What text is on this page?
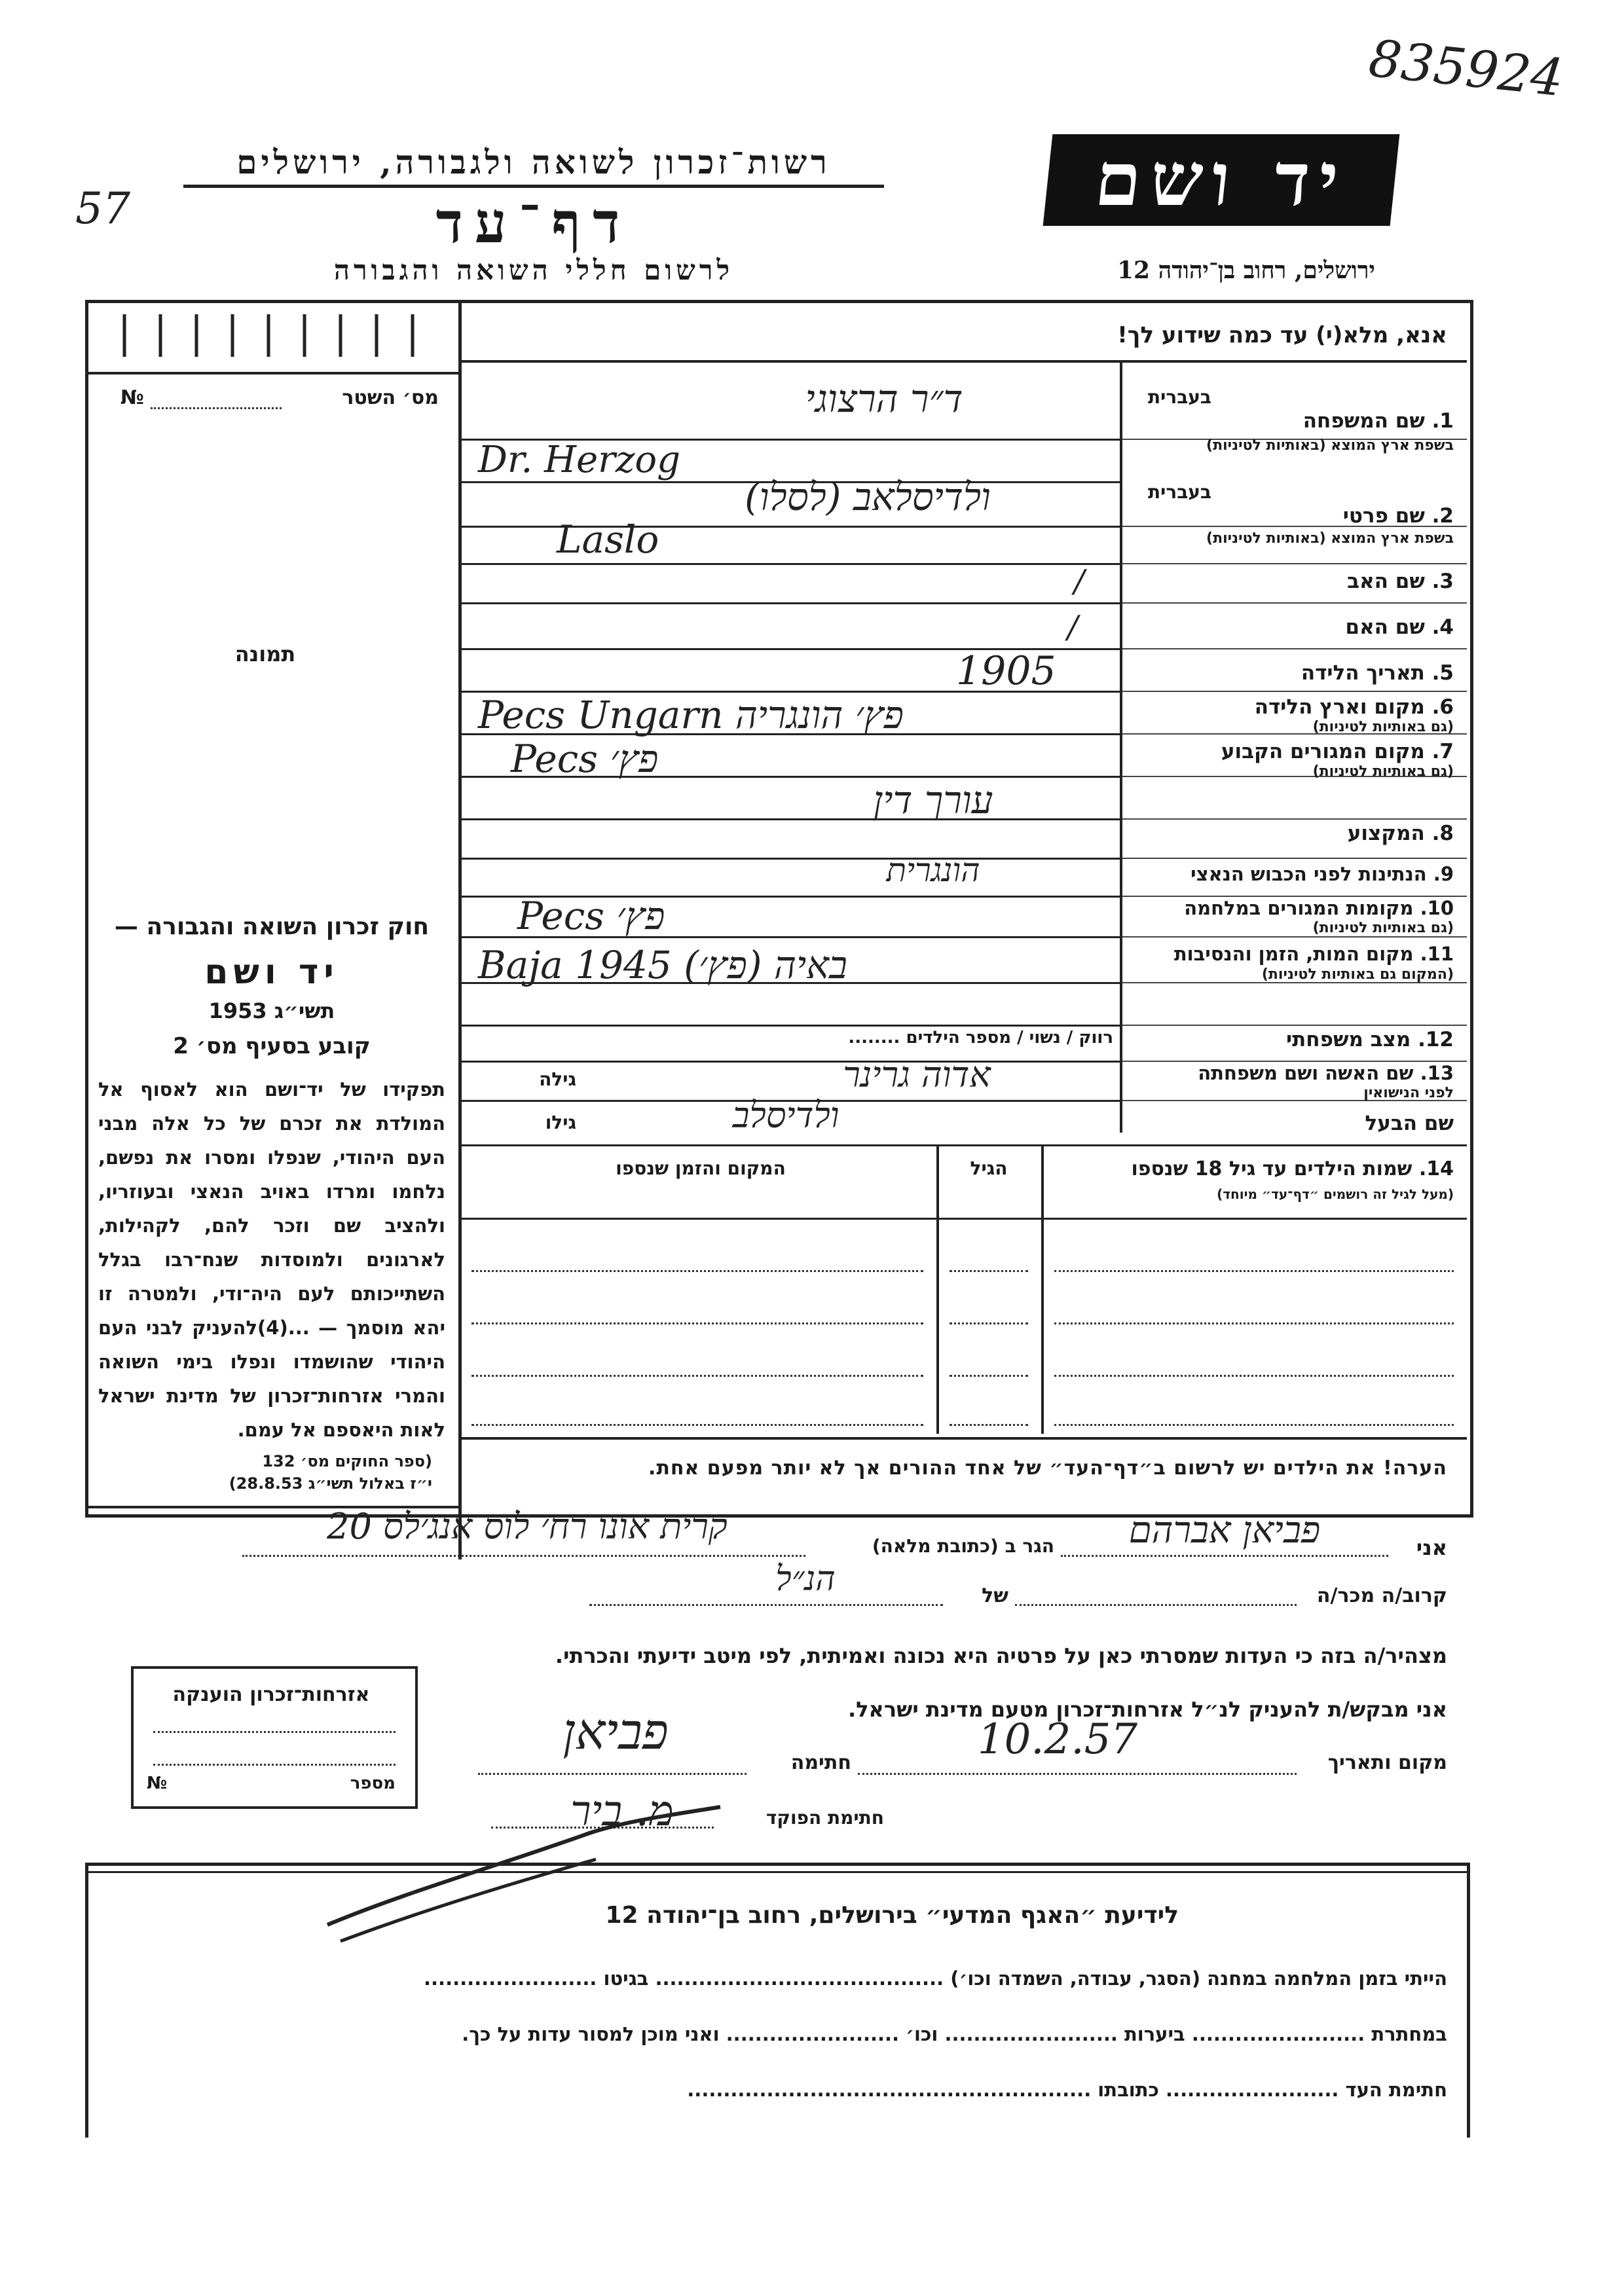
835924
57
רשות־זכרון לשואה ולגבורה, ירושלים
דף־עד
לרשום חללי השואה והגבורה
יד ושם
ירושלים, רחוב בן־יהודה 12
מס׳ השטר
№
תמונה
חוק זכרון השואה והגבורה —
יד ושם
תשי״ג 1953
קובע בסעיף מס׳ 2
תפקידו של יד־ושם הוא לאסוף אל המולדת את זכרם של כל אלה מבני העם היהודי, שנפלו ומסרו את נפשם, נלחמו ומרדו באויב הנאצי ובעוזריו, ולהציב שם וזכר להם, לקהילות, לארגונים ולמוסדות שנח־רבו בגלל השתייכותם לעם היה־ודי, ולמטרה זו יהא מוסמך — ...(4)להעניק לבני העם היהודי שהושמדו ונפלו בימי השואה והמרי אזרחות־זכרון של מדינת ישראל לאות היאספם אל עמם.
(ספר החוקים מס׳ 132
י״ז באלול תשי״ג 28.8.53)
אנא, מלא(י) עד כמה שידוע לך!
בעברית
1. שם המשפחה
בשפת ארץ המוצא (באותיות לטיניות)
ד״ר הרצוגי
Dr. Herzog
בעברית
2. שם פרטי
בשפת ארץ המוצא (באותיות לטיניות)
ולדיסלאב (לסלו)
Laslo
3. שם האב
/
4. שם האם
/
5. תאריך הלידה
1905
6. מקום וארץ הלידה
(גם באותיות לטיניות)
Pecs Ungarn פץ׳ הונגריה
7. מקום המגורים הקבוע
(גם באותיות לטיניות)
Pecs פץ׳
8. המקצוע
עורך דין
9. הנתינות לפני הכבוש הנאצי
הונגרית
10. מקומות המגורים במלחמה
(גם באותיות לטיניות)
Pecs פץ׳
11. מקום המות, הזמן והנסיבות
(המקום גם באותיות לטיניות)
Baja 1945 (פץ׳) באיה
12. מצב משפחתי
רווק / נשוי / מספר הילדים ........
13. שם האשה ושם משפחתה
לפני הנישואין
אדוה גרינר
גילה
שם הבעל
ולדיסלב
גילו
14. שמות הילדים עד גיל 18 שנספו
(מעל לגיל זה רושמים ״דף־עד״ מיוחד)
הגיל
המקום והזמן שנספו
הערה! את הילדים יש לרשום ב״דף־העד״ של אחד ההורים אך לא יותר מפעם אחת.
אני
פביאן אברהם
הגר ב (כתובת מלאה)
קרית אונו רח׳ לוס אנג׳לס 20
קרוב/ה מכר/ה
של
הנ״ל
מצהיר/ה בזה כי העדות שמסרתי כאן על פרטיה היא נכונה ואמיתית, לפי מיטב ידיעתי והכרתי.
אני מבקש/ת להעניק לנ״ל אזרחות־זכרון מטעם מדינת ישראל.
מקום ותאריך
10.2.57
חתימה
פביאן
חתימת הפוקד
מ. ביר
אזרחות־זכרון הוענקה
מספר
№
לידיעת ״האגף המדעי״ בירושלים, רחוב בן־יהודה 12
הייתי בזמן המלחמה במחנה (הסגר, עבודה, השמדה וכו׳) ........................................ בגיטו ........................
במחתרת ........................ ביערות ........................ וכו׳ ........................ ואני מוכן למסור עדות על כך.
חתימת העד ........................ כתובתו ........................................................
